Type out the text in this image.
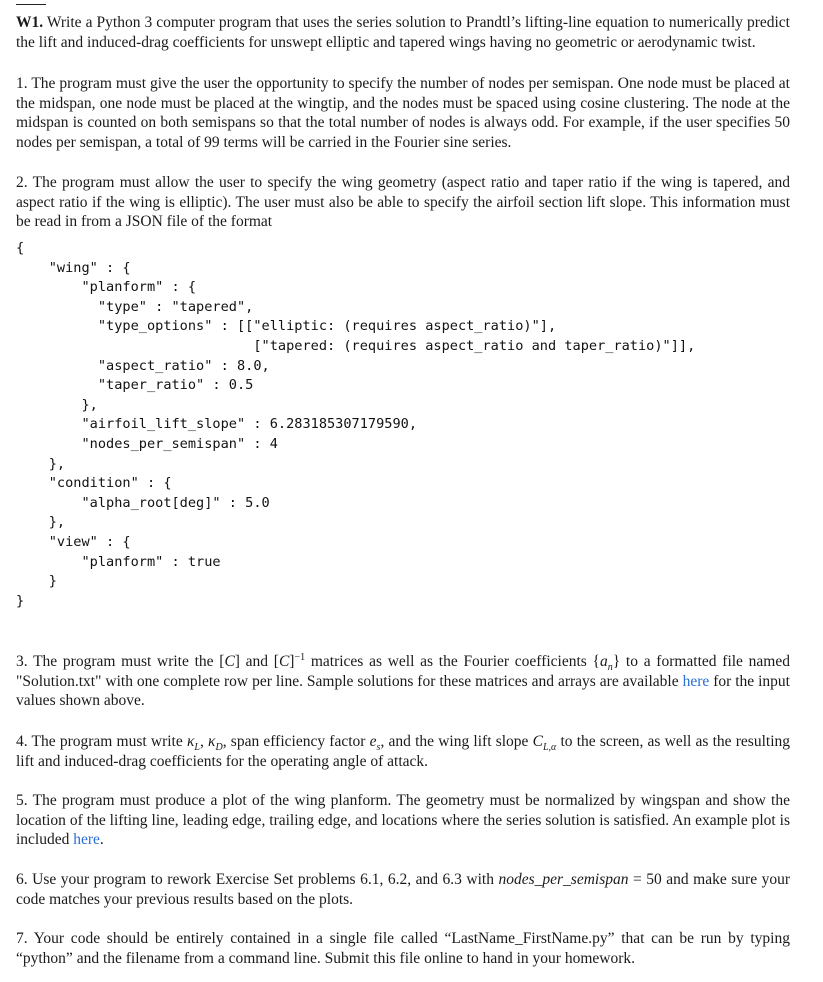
W1. Write a Python 3 computer program that uses the series solution to Prandtl’s lifting-line equation to numerically predict the lift and induced-drag coefficients for unswept elliptic and tapered wings having no geometric or aerodynamic twist.

1. The program must give the user the opportunity to specify the number of nodes per semispan. One node must be placed at the midspan, one node must be placed at the wingtip, and the nodes must be spaced using cosine clustering. The node at the midspan is counted on both semispans so that the total number of nodes is always odd. For example, if the user specifies 50 nodes per semispan, a total of 99 terms will be carried in the Fourier sine series.

2. The program must allow the user to specify the wing geometry (aspect ratio and taper ratio if the wing is tapered, and aspect ratio if the wing is elliptic). The user must also be able to specify the airfoil section lift slope. This information must be read in from a JSON file of the format

{
"wing" : {
"planform" : {
"type" : "tapered",
"type_options" : [["elliptic: (requires aspect_ratio)"],
["tapered: (requires aspect_ratio and taper_ratio)"]],
"aspect_ratio" : 8.0,
"taper_ratio" : 0.5
},
"airfoil_lift_slope" : 6.283185307179590,
"nodes_per_semispan" : 4
},
"condition" : {
"alpha_root[deg]" : 5.0
},
"view" : {
"planform" : true
}
}

3. The program must write the [C] and $[C]^{-1}$ matrices as well as the Fourier coefficients $\{a_n\}$ to a formatted file named "Solution.txt" with one complete row per line. Sample solutions for these matrices and arrays are available here for the input values shown above.

4. The program must write $\kappa_L$, $\kappa_D$, span efficiency factor $e_s$, and the wing lift slope $C_{L,\alpha}$ to the screen, as well as the resulting lift and induced-drag coefficients for the operating angle of attack.

5. The program must produce a plot of the wing planform. The geometry must be normalized by wingspan and show the location of the lifting line, leading edge, trailing edge, and locations where the series solution is satisfied. An example plot is included here.

6. Use your program to rework Exercise Set problems 6.1, 6.2, and 6.3 with nodes_per_semispan = 50 and make sure your code matches your previous results based on the plots.

7. Your code should be entirely contained in a single file called “LastName_FirstName.py” that can be run by typing “python” and the filename from a command line. Submit this file online to hand in your homework.
